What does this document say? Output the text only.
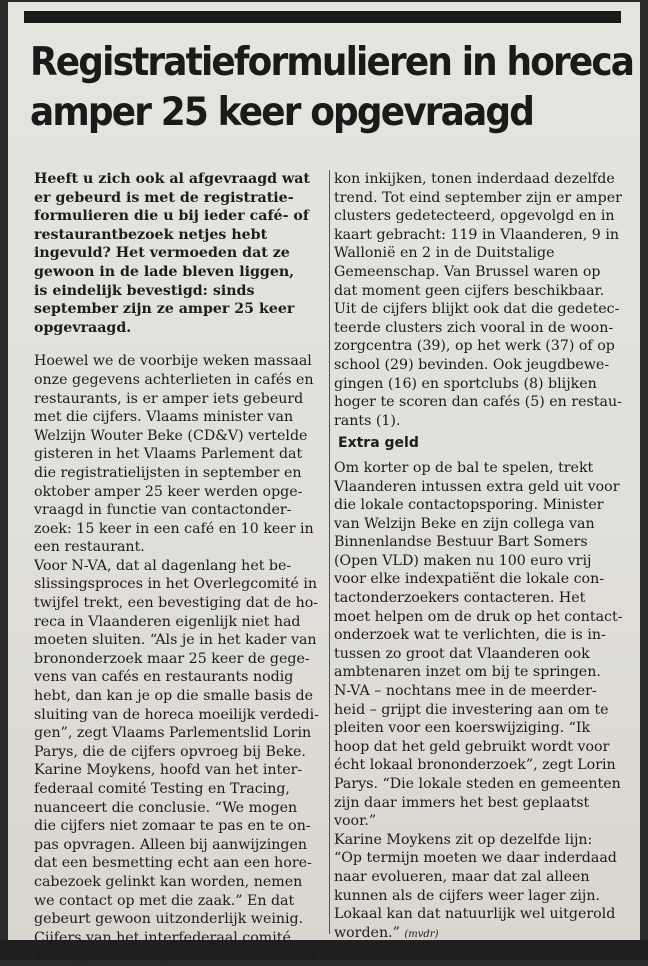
Registratieformulieren in horeca
amper 25 keer opgevraagd
Heeft u zich ook al afgevraagd wat
er gebeurd is met de registratie-
formulieren die u bij ieder café- of
restaurantbezoek netjes hebt
ingevuld? Het vermoeden dat ze
gewoon in de lade bleven liggen,
is eindelijk bevestigd: sinds
september zijn ze amper 25 keer
opgevraagd.
Hoewel we de voorbije weken massaal
onze gegevens achterlieten in cafés en
restaurants, is er amper iets gebeurd
met die cijfers. Vlaams minister van
Welzijn Wouter Beke (CD&V) vertelde
gisteren in het Vlaams Parlement dat
die registratielijsten in september en
oktober amper 25 keer werden opge-
vraagd in functie van contactonder-
zoek: 15 keer in een café en 10 keer in
een restaurant.
Voor N-VA, dat al dagenlang het be-
slissingsproces in het Overlegcomité in
twijfel trekt, een bevestiging dat de ho-
reca in Vlaanderen eigenlijk niet had
moeten sluiten. “Als je in het kader van
brononderzoek maar 25 keer de gege-
vens van cafés en restaurants nodig
hebt, dan kan je op die smalle basis de
sluiting van de horeca moeilijk verdedi-
gen”, zegt Vlaams Parlementslid Lorin
Parys, die de cijfers opvroeg bij Beke.
Karine Moykens, hoofd van het inter-
federaal comité Testing en Tracing,
nuanceert die conclusie. “We mogen
die cijfers niet zomaar te pas en te on-
pas opvragen. Alleen bij aanwijzingen
dat een besmetting echt aan een hore-
cabezoek gelinkt kan worden, nemen
we contact op met die zaak.” En dat
gebeurt gewoon uitzonderlijk weinig.
Cijfers van het interfederaal comité
Testing en Tracing die Het Nieuwsblad
kon inkijken, tonen inderdaad dezelfde
trend. Tot eind september zijn er amper
clusters gedetecteerd, opgevolgd en in
kaart gebracht: 119 in Vlaanderen, 9 in
Wallonië en 2 in de Duitstalige
Gemeenschap. Van Brussel waren op
dat moment geen cijfers beschikbaar.
Uit de cijfers blijkt ook dat die gedetec-
teerde clusters zich vooral in de woon-
zorgcentra (39), op het werk (37) of op
school (29) bevinden. Ook jeugdbewe-
gingen (16) en sportclubs (8) blijken
hoger te scoren dan cafés (5) en restau-
rants (1).
Extra geld
Om korter op de bal te spelen, trekt
Vlaanderen intussen extra geld uit voor
die lokale contactopsporing. Minister
van Welzijn Beke en zijn collega van
Binnenlandse Bestuur Bart Somers
(Open VLD) maken nu 100 euro vrij
voor elke indexpatiënt die lokale con-
tactonderzoekers contacteren. Het
moet helpen om de druk op het contact-
onderzoek wat te verlichten, die is in-
tussen zo groot dat Vlaanderen ook
ambtenaren inzet om bij te springen.
N-VA – nochtans mee in de meerder-
heid – grijpt die investering aan om te
pleiten voor een koerswijziging. “Ik
hoop dat het geld gebruikt wordt voor
écht lokaal brononderzoek”, zegt Lorin
Parys. “Die lokale steden en gemeenten
zijn daar immers het best geplaatst
voor.”
Karine Moykens zit op dezelfde lijn:
“Op termijn moeten we daar inderdaad
naar evolueren, maar dat zal alleen
kunnen als de cijfers weer lager zijn.
Lokaal kan dat natuurlijk wel uitgerold
worden.” (mvdr)
